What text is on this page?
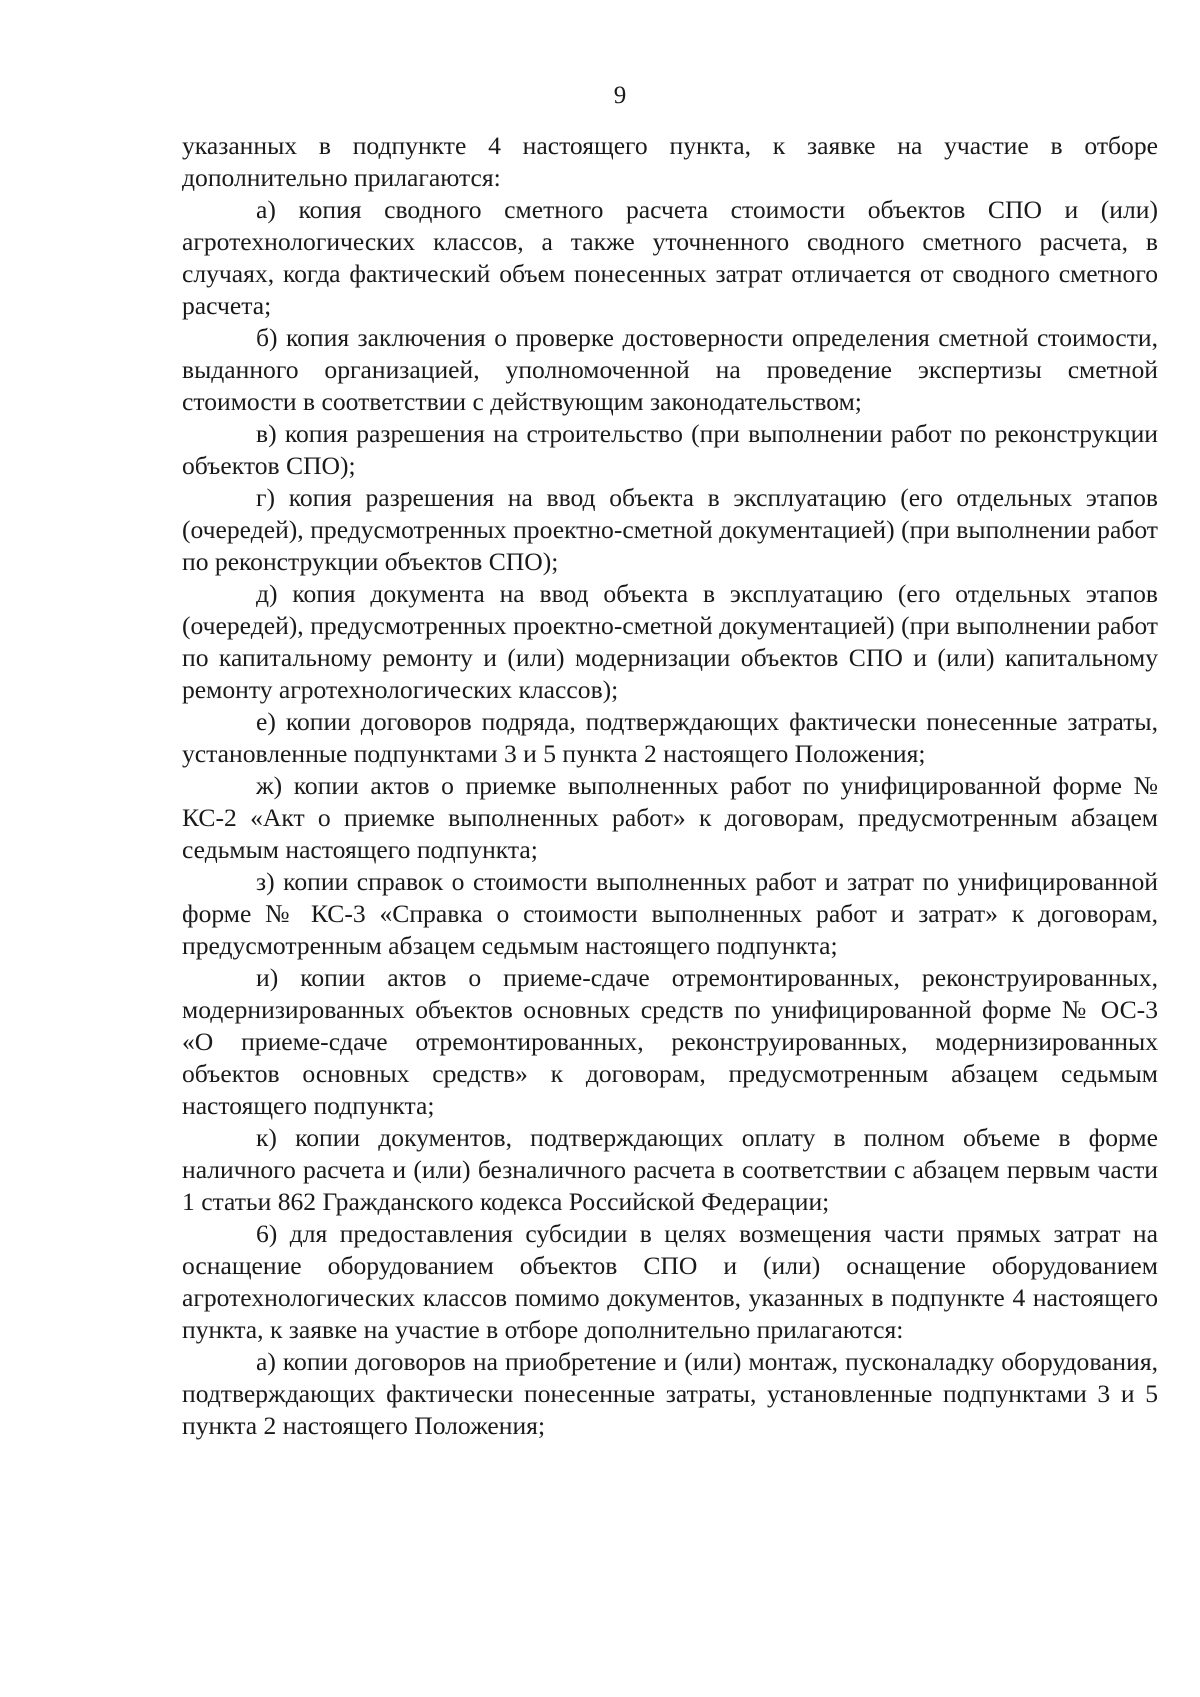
9

указанных в подпункте 4 настоящего пункта, к заявке на участие в отборе дополнительно прилагаются:

а) копия сводного сметного расчета стоимости объектов СПО и (или) агротехнологических классов, а также уточненного сводного сметного расчета, в случаях, когда фактический объем понесенных затрат отличается от сводного сметного расчета;

б) копия заключения о проверке достоверности определения сметной стоимости, выданного организацией, уполномоченной на проведение экспертизы сметной стоимости в соответствии с действующим законодательством;

в) копия разрешения на строительство (при выполнении работ по реконструкции объектов СПО);

г) копия разрешения на ввод объекта в эксплуатацию (его отдельных этапов (очередей), предусмотренных проектно-сметной документацией) (при выполнении работ по реконструкции объектов СПО);

д) копия документа на ввод объекта в эксплуатацию (его отдельных этапов (очередей), предусмотренных проектно-сметной документацией) (при выполнении работ по капитальному ремонту и (или) модернизации объектов СПО и (или) капитальному ремонту агротехнологических классов);

е) копии договоров подряда, подтверждающих фактически понесенные затраты, установленные подпунктами 3 и 5 пункта 2 настоящего Положения;

ж) копии актов о приемке выполненных работ по унифицированной форме № КС-2 «Акт о приемке выполненных работ» к договорам, предусмотренным абзацем седьмым настоящего подпункта;

з) копии справок о стоимости выполненных работ и затрат по унифицированной форме № КС-3 «Справка о стоимости выполненных работ и затрат» к договорам, предусмотренным абзацем седьмым настоящего подпункта;

и) копии актов о приеме-сдаче отремонтированных, реконструированных, модернизированных объектов основных средств по унифицированной форме № ОС-3 «О приеме-сдаче отремонтированных, реконструированных, модернизированных объектов основных средств» к договорам, предусмотренным абзацем седьмым настоящего подпункта;

к) копии документов, подтверждающих оплату в полном объеме в форме наличного расчета и (или) безналичного расчета в соответствии с абзацем первым части 1 статьи 862 Гражданского кодекса Российской Федерации;

6) для предоставления субсидии в целях возмещения части прямых затрат на оснащение оборудованием объектов СПО и (или) оснащение оборудованием агротехнологических классов помимо документов, указанных в подпункте 4 настоящего пункта, к заявке на участие в отборе дополнительно прилагаются:

а) копии договоров на приобретение и (или) монтаж, пусконаладку оборудования, подтверждающих фактически понесенные затраты, установленные подпунктами 3 и 5 пункта 2 настоящего Положения;
